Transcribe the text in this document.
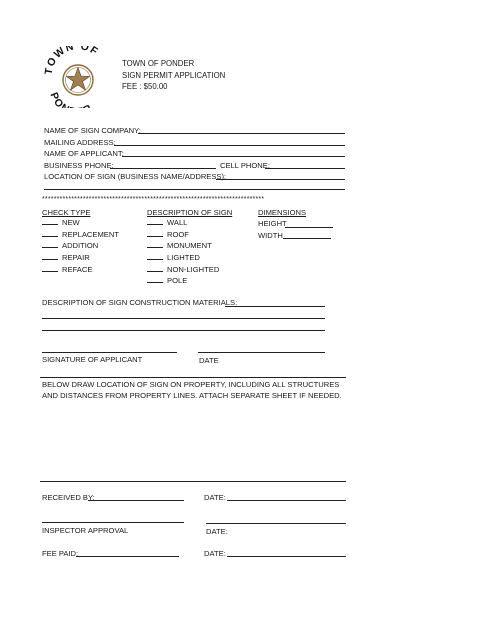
TOWN OF
PO
TOWN OF PONDER
SIGN PERMIT APPLICATION
FEE : $50.00
NAME OF SIGN COMPANY:
MAILING ADDRESS:
NAME OF APPLICANT:
BUSINESS PHONE:	CELL PHONE:
LOCATION OF SIGN (BUSINESS NAME/ADDRESS):
****************************************************************************
CHECK TYPE
NEW
REPLACEMENT
ADDITION
REPAIR
REFACE
DESCRIPTION OF SIGN
WALL
ROOF
MONUMENT
LIGHTED
NON-LIGHTED
POLE
DIMENSIONS
HEIGHT
WIDTH
DESCRIPTION OF SIGN CONSTRUCTION MATERIALS:
SIGNATURE OF APPLICANT	DATE
BELOW DRAW LOCATION OF SIGN ON PROPERTY, INCLUDING ALL STRUCTURES
AND DISTANCES FROM PROPERTY LINES. ATTACH SEPARATE SHEET IF NEEDED.
RECEIVED BY:	DATE:
INSPECTOR APPROVAL	DATE:
FEE PAID:	DATE:
